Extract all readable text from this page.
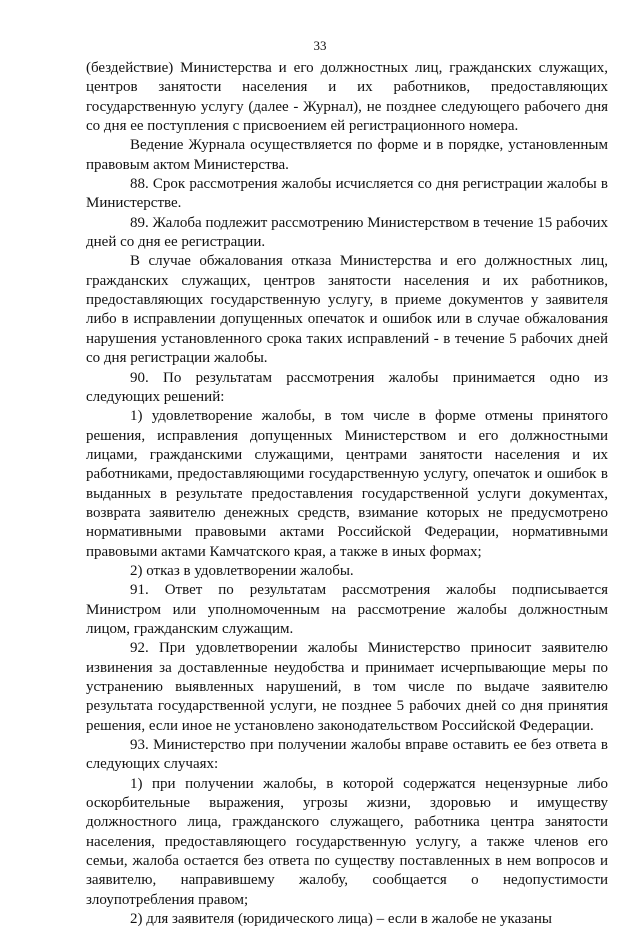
33

(бездействие) Министерства и его должностных лиц, гражданских служащих, центров занятости населения и их работников, предоставляющих государственную услугу (далее - Журнал), не позднее следующего рабочего дня со дня ее поступления с присвоением ей регистрационного номера.

Ведение Журнала осуществляется по форме и в порядке, установленным правовым актом Министерства.

88. Срок рассмотрения жалобы исчисляется со дня регистрации жалобы в Министерстве.

89. Жалоба подлежит рассмотрению Министерством в течение 15 рабочих дней со дня ее регистрации.

В случае обжалования отказа Министерства и его должностных лиц, гражданских служащих, центров занятости населения и их работников, предоставляющих государственную услугу, в приеме документов у заявителя либо в исправлении допущенных опечаток и ошибок или в случае обжалования нарушения установленного срока таких исправлений - в течение 5 рабочих дней со дня регистрации жалобы.

90. По результатам рассмотрения жалобы принимается одно из следующих решений:

1) удовлетворение жалобы, в том числе в форме отмены принятого решения, исправления допущенных Министерством и его должностными лицами, гражданскими служащими, центрами занятости населения и их работниками, предоставляющими государственную услугу, опечаток и ошибок в выданных в результате предоставления государственной услуги документах, возврата заявителю денежных средств, взимание которых не предусмотрено нормативными правовыми актами Российской Федерации, нормативными правовыми актами Камчатского края, а также в иных формах;

2) отказ в удовлетворении жалобы.

91. Ответ по результатам рассмотрения жалобы подписывается Министром или уполномоченным на рассмотрение жалобы должностным лицом, гражданским служащим.

92. При удовлетворении жалобы Министерство приносит заявителю извинения за доставленные неудобства и принимает исчерпывающие меры по устранению выявленных нарушений, в том числе по выдаче заявителю результата государственной услуги, не позднее 5 рабочих дней со дня принятия решения, если иное не установлено законодательством Российской Федерации.

93. Министерство при получении жалобы вправе оставить ее без ответа в следующих случаях:

1) при получении жалобы, в которой содержатся нецензурные либо оскорбительные выражения, угрозы жизни, здоровью и имуществу должностного лица, гражданского служащего, работника центра занятости населения, предоставляющего государственную услугу, а также членов его семьи, жалоба остается без ответа по существу поставленных в нем вопросов и заявителю, направившему жалобу, сообщается о недопустимости злоупотребления правом;

2) для заявителя (юридического лица) – если в жалобе не указаны
